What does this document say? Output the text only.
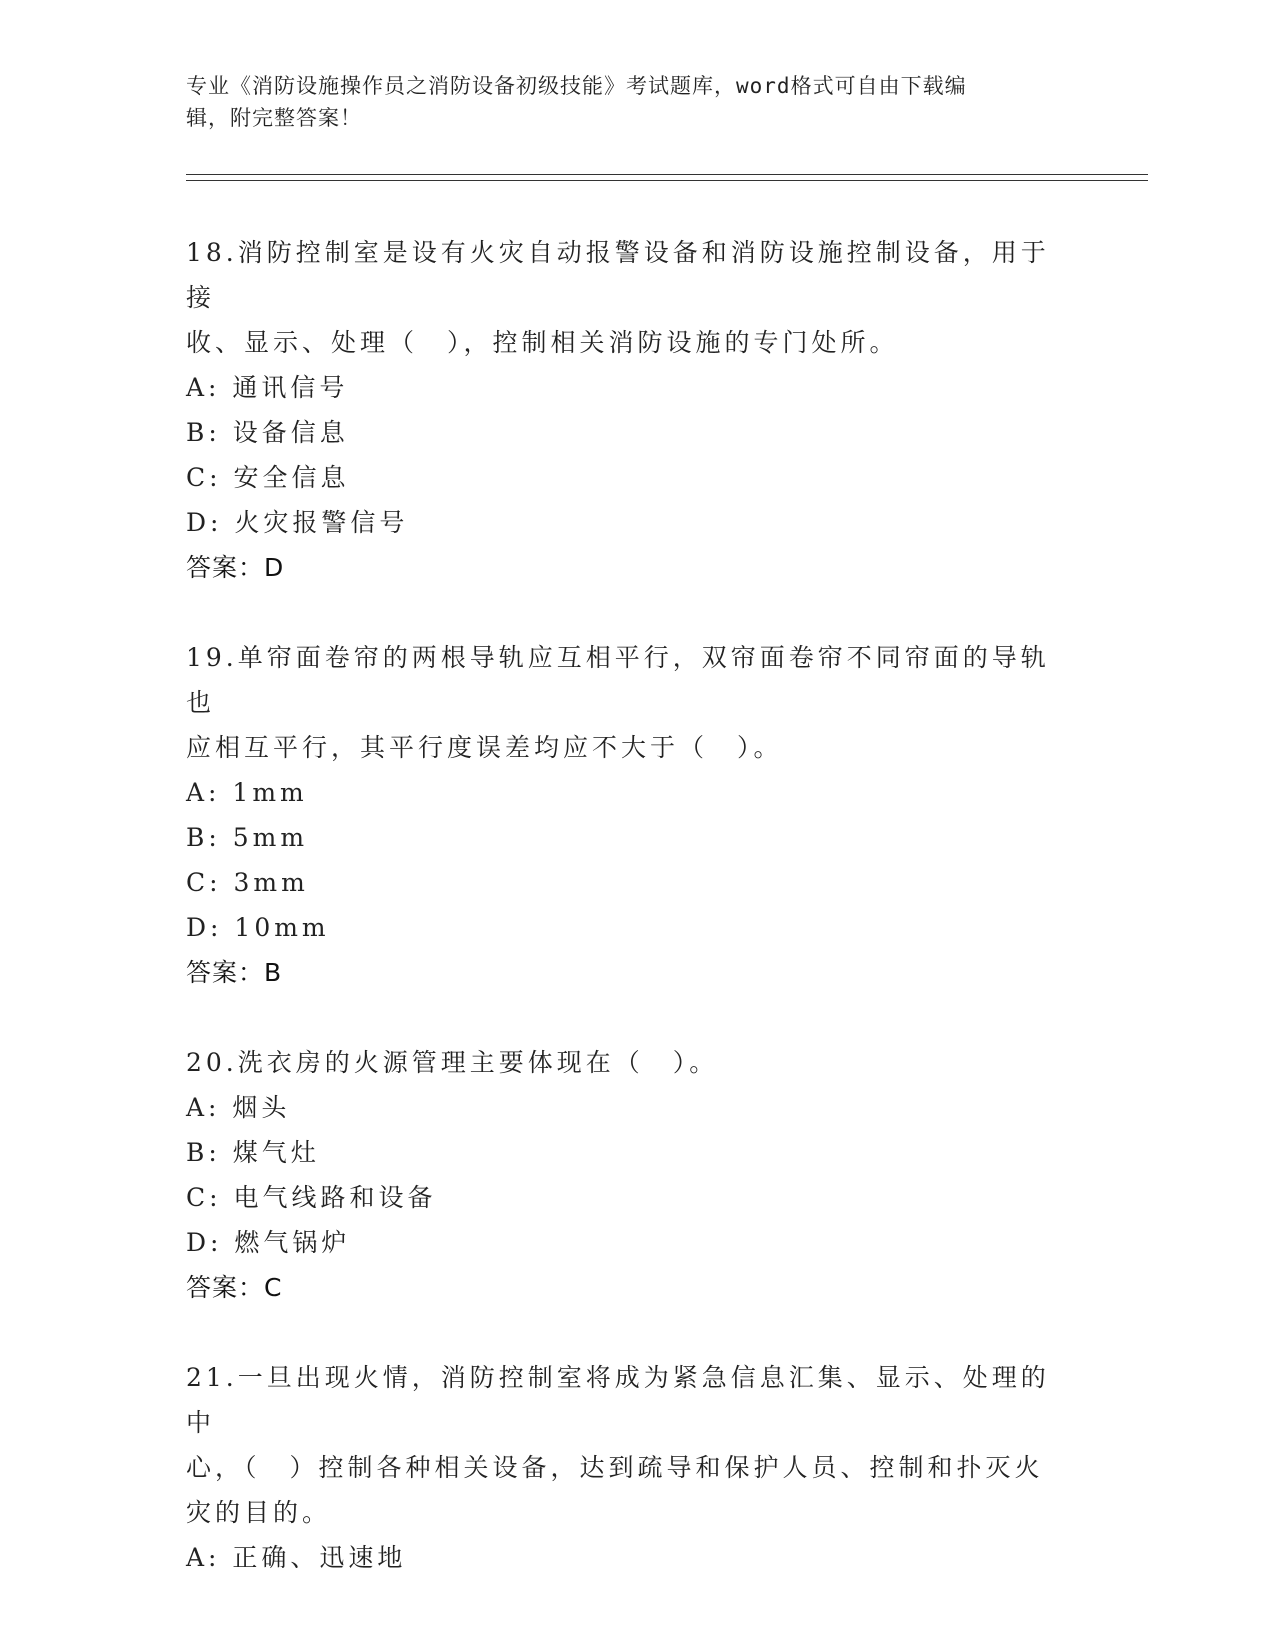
专业《消防设施操作员之消防设备初级技能》考试题库，word格式可自由下载编
辑，附完整答案！
18.消防控制室是设有火灾自动报警设备和消防设施控制设备，用于接
收、显示、处理（　），控制相关消防设施的专门处所。
A: 通讯信号
B: 设备信息
C: 安全信息
D: 火灾报警信号
答案：D
19.单帘面卷帘的两根导轨应互相平行，双帘面卷帘不同帘面的导轨也
应相互平行，其平行度误差均应不大于（　）。
A: 1mm
B: 5mm
C: 3mm
D: 10mm
答案：B
20.洗衣房的火源管理主要体现在（　）。
A: 烟头
B: 煤气灶
C: 电气线路和设备
D: 燃气锅炉
答案：C
21.一旦出现火情，消防控制室将成为紧急信息汇集、显示、处理的中
心，（　）控制各种相关设备，达到疏导和保护人员、控制和扑灭火
灾的目的。
A: 正确、迅速地
